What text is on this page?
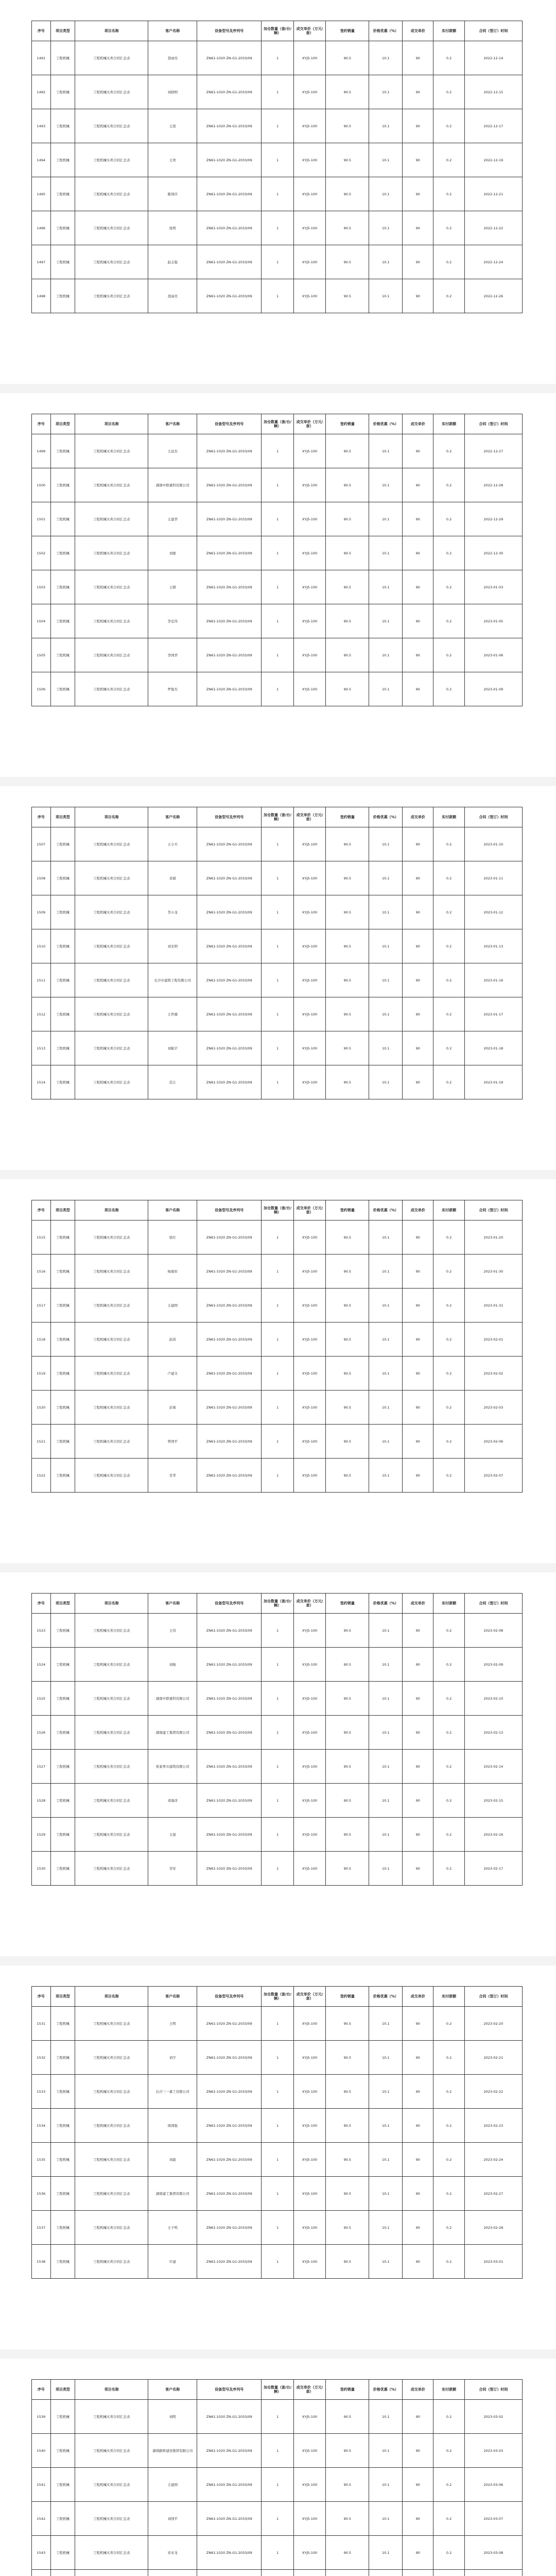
序号	项目类型	项目名称	客户名称	设备型号及序列号	加仓数量（套/台/辆）	成交单价（万元/套）	签约销量	价格优惠（%）	成交单价	实付款额	合同（签订）时间
1491	工程机械	工程机械买卖合同汇总表	聂雨亮	ZN61-1020 ZN-G1-2033/09	1	XYJ5-100	90.5	10.1	90	0.2	2022-12-14
1492	工程机械	工程机械买卖合同汇总表	刘晓明	ZN61-1020 ZN-G1-2033/09	1	XYJ5-100	90.5	10.1	90	0.2	2022-12-15
1493	工程机械	工程机械买卖合同汇总表	王雷	ZN61-1020 ZN-G1-2033/09	1	XYJ5-100	90.5	10.1	90	0.2	2022-12-17
1494	工程机械	工程机械买卖合同汇总表	王欢	ZN61-1020 ZN-G1-2033/09	1	XYJ5-100	90.5	10.1	90	0.2	2022-12-19
1495	工程机械	工程机械买卖合同汇总表	陈国庆	ZN61-1020 ZN-G1-2033/09	1	XYJ5-100	90.5	10.1	90	0.2	2022-12-21
1496	工程机械	工程机械买卖合同汇总表	张明	ZN61-1020 ZN-G1-2033/09	1	XYJ5-100	90.5	10.1	90	0.2	2022-12-22
1497	工程机械	工程机械买卖合同汇总表	赵志强	ZN61-1020 ZN-G1-2033/09	1	XYJ5-100	90.5	10.1	90	0.2	2022-12-24
1498	工程机械	工程机械买卖合同汇总表	聂雨亮	ZN61-1020 ZN-G1-2033/09	1	XYJ5-100	90.5	10.1	90	0.2	2022-12-26
序号	项目类型	项目名称	客户名称	设备型号及序列号	加仓数量（套/台/辆）	成交单价（万元/套）	签约销量	价格优惠（%）	成交单价	实付款额	合同（签订）时间
1499	工程机械	工程机械买卖合同汇总表	王远杰	ZN61-1020 ZN-G1-2033/09	1	XYJ5-100	90.5	10.1	90	0.2	2022-12-27
1500	工程机械	工程机械买卖合同汇总表	湖南中联重科有限公司	ZN61-1020 ZN-G1-2033/09	1	XYJ5-100	90.5	10.1	90	0.2	2022-12-28
1501	工程机械	工程机械买卖合同汇总表	王建华	ZN61-1020 ZN-G1-2033/09	1	XYJ5-100	90.5	10.1	90	0.2	2022-12-29
1502	工程机械	工程机械买卖合同汇总表	刘德	ZN61-1020 ZN-G1-2033/09	1	XYJ5-100	90.5	10.1	90	0.2	2022-12-30
1503	工程机械	工程机械买卖合同汇总表	王群	ZN61-1020 ZN-G1-2033/09	1	XYJ5-100	90.5	10.1	90	0.2	2023-01-03
1504	工程机械	工程机械买卖合同汇总表	李宏伟	ZN61-1020 ZN-G1-2033/09	1	XYJ5-100	90.5	10.1	90	0.2	2023-01-05
1505	工程机械	工程机械买卖合同汇总表	李国华	ZN61-1020 ZN-G1-2033/09	1	XYJ5-100	90.5	10.1	90	0.2	2023-01-06
1506	工程机械	工程机械买卖合同汇总表	罗俊杰	ZN61-1020 ZN-G1-2033/09	1	XYJ5-100	90.5	10.1	90	0.2	2023-01-09
序号	项目类型	项目名称	客户名称	设备型号及序列号	加仓数量（套/台/辆）	成交单价（万元/套）	签约销量	价格优惠（%）	成交单价	实付款额	合同（签订）时间
1507	工程机械	工程机械买卖合同汇总表	王小兵	ZN61-1020 ZN-G1-2033/09	1	XYJ5-100	90.5	10.1	90	0.2	2023-01-10
1508	工程机械	工程机械买卖合同汇总表	黄斌	ZN61-1020 ZN-G1-2033/09	1	XYJ5-100	90.5	10.1	90	0.2	2023-01-11
1509	工程机械	工程机械买卖合同汇总表	李小龙	ZN61-1020 ZN-G1-2033/09	1	XYJ5-100	90.5	10.1	90	0.2	2023-01-12
1510	工程机械	工程机械买卖合同汇总表	刘光明	ZN61-1020 ZN-G1-2033/09	1	XYJ5-100	90.5	10.1	90	0.2	2023-01-13
1511	工程机械	工程机械买卖合同汇总表	长沙市建筑工程有限公司	ZN61-1020 ZN-G1-2033/09	1	XYJ5-100	90.5	10.1	90	0.2	2023-01-16
1512	工程机械	工程机械买卖合同汇总表	王世雄	ZN61-1020 ZN-G1-2033/09	1	XYJ5-100	90.5	10.1	90	0.2	2023-01-17
1513	工程机械	工程机械买卖合同汇总表	刘振宇	ZN61-1020 ZN-G1-2033/09	1	XYJ5-100	90.5	10.1	90	0.2	2023-01-18
1514	工程机械	工程机械买卖合同汇总表	范江	ZN61-1020 ZN-G1-2033/09	1	XYJ5-100	90.5	10.1	90	0.2	2023-01-19
序号	项目类型	项目名称	客户名称	设备型号及序列号	加仓数量（套/台/辆）	成交单价（万元/套）	签约销量	价格优惠（%）	成交单价	实付款额	合同（签订）时间
1515	工程机械	工程机械买卖合同汇总表	张红	ZN61-1020 ZN-G1-2033/09	1	XYJ5-100	90.5	10.1	90	0.2	2023-01-20
1516	工程机械	工程机械买卖合同汇总表	杨海军	ZN61-1020 ZN-G1-2033/09	1	XYJ5-100	90.5	10.1	90	0.2	2023-01-30
1517	工程机械	工程机械买卖合同汇总表	王建国	ZN61-1020 ZN-G1-2033/09	1	XYJ5-100	90.5	10.1	90	0.2	2023-01-31
1518	工程机械	工程机械买卖合同汇总表	赵洪	ZN61-1020 ZN-G1-2033/09	1	XYJ5-100	90.5	10.1	90	0.2	2023-02-01
1519	工程机械	工程机械买卖合同汇总表	卢建文	ZN61-1020 ZN-G1-2033/09	1	XYJ5-100	90.5	10.1	90	0.2	2023-02-02
1520	工程机械	工程机械买卖合同汇总表	彭勇	ZN61-1020 ZN-G1-2033/09	1	XYJ5-100	90.5	10.1	90	0.2	2023-02-03
1521	工程机械	工程机械买卖合同汇总表	曾国平	ZN61-1020 ZN-G1-2033/09	1	XYJ5-100	90.5	10.1	90	0.2	2023-02-06
1522	工程机械	工程机械买卖合同汇总表	肖华	ZN61-1020 ZN-G1-2033/09	1	XYJ5-100	90.5	10.1	90	0.2	2023-02-07
序号	项目类型	项目名称	客户名称	设备型号及序列号	加仓数量（套/台/辆）	成交单价（万元/套）	签约销量	价格优惠（%）	成交单价	实付款额	合同（签订）时间
1523	工程机械	工程机械买卖合同汇总表	王伟	ZN61-1020 ZN-G1-2033/09	1	XYJ5-100	90.5	10.1	90	0.2	2023-02-08
1524	工程机械	工程机械买卖合同汇总表	刘俊	ZN61-1020 ZN-G1-2033/09	1	XYJ5-100	90.5	10.1	90	0.2	2023-02-09
1525	工程机械	工程机械买卖合同汇总表	湖南中联重科有限公司	ZN61-1020 ZN-G1-2033/09	1	XYJ5-100	90.5	10.1	90	0.2	2023-02-10
1526	工程机械	工程机械买卖合同汇总表	湖南建工集团有限公司	ZN61-1020 ZN-G1-2033/09	1	XYJ5-100	90.5	10.1	90	0.2	2023-02-13
1527	工程机械	工程机械买卖合同汇总表	张家界市建筑有限公司	ZN61-1020 ZN-G1-2033/09	1	XYJ5-100	90.5	10.1	90	0.2	2023-02-14
1528	工程机械	工程机械买卖合同汇总表	邓海洋	ZN61-1020 ZN-G1-2033/09	1	XYJ5-100	90.5	10.1	90	0.2	2023-02-15
1529	工程机械	工程机械买卖合同汇总表	王磊	ZN61-1020 ZN-G1-2033/09	1	XYJ5-100	90.5	10.1	90	0.2	2023-02-16
1530	工程机械	工程机械买卖合同汇总表	李军	ZN61-1020 ZN-G1-2033/09	1	XYJ5-100	90.5	10.1	90	0.2	2023-02-17
序号	项目类型	项目名称	客户名称	设备型号及序列号	加仓数量（套/台/辆）	成交单价（万元/套）	签约销量	价格优惠（%）	成交单价	实付款额	合同（签订）时间
1531	工程机械	工程机械买卖合同汇总表	王明	ZN61-1020 ZN-G1-2033/09	1	XYJ5-100	90.5	10.1	90	0.2	2023-02-20
1532	工程机械	工程机械买卖合同汇总表	刘宇	ZN61-1020 ZN-G1-2033/09	1	XYJ5-100	90.5	10.1	90	0.2	2023-02-21
1533	工程机械	工程机械买卖合同汇总表	长沙三一重工有限公司	ZN61-1020 ZN-G1-2033/09	1	XYJ5-100	90.5	10.1	90	0.2	2023-02-22
1534	工程机械	工程机械买卖合同汇总表	周国强	ZN61-1020 ZN-G1-2033/09	1	XYJ5-100	90.5	10.1	90	0.2	2023-02-23
1535	工程机械	工程机械买卖合同汇总表	刘磊	ZN61-1020 ZN-G1-2033/09	1	XYJ5-100	90.5	10.1	90	0.2	2023-02-24
1536	工程机械	工程机械买卖合同汇总表	湖南建工集团有限公司	ZN61-1020 ZN-G1-2033/09	1	XYJ5-100	90.5	10.1	90	0.2	2023-02-27
1537	工程机械	工程机械买卖合同汇总表	王子鸣	ZN61-1020 ZN-G1-2033/09	1	XYJ5-100	90.5	10.1	90	0.2	2023-02-28
1538	工程机械	工程机械买卖合同汇总表	许建	ZN61-1020 ZN-G1-2033/09	1	XYJ5-100	90.5	10.1	90	0.2	2023-03-01
序号	项目类型	项目名称	客户名称	设备型号及序列号	加仓数量（套/台/辆）	成交单价（万元/套）	签约销量	价格优惠（%）	成交单价	实付款额	合同（签订）时间
1539	工程机械	工程机械买卖合同汇总表	刘明	ZN61-1020 ZN-G1-2033/09	1	XYJ5-100	90.5	10.1	90	0.2	2023-03-02
1540	工程机械	工程机械买卖合同汇总表	湖南路桥建设集团有限公司	ZN61-1020 ZN-G1-2033/09	1	XYJ5-100	90.5	10.1	90	0.2	2023-03-03
1541	工程机械	工程机械买卖合同汇总表	王建国	ZN61-1020 ZN-G1-2033/09	1	XYJ5-100	90.5	10.1	90	0.2	2023-03-06
1542	工程机械	工程机械买卖合同汇总表	刘国平	ZN61-1020 ZN-G1-2033/09	1	XYJ5-100	90.5	10.1	90	0.2	2023-03-07
1543	工程机械	工程机械买卖合同汇总表	宋亚龙	ZN61-1020 ZN-G1-2033/09	1	XYJ5-100	90.5	10.1	90	0.2	2023-03-08
